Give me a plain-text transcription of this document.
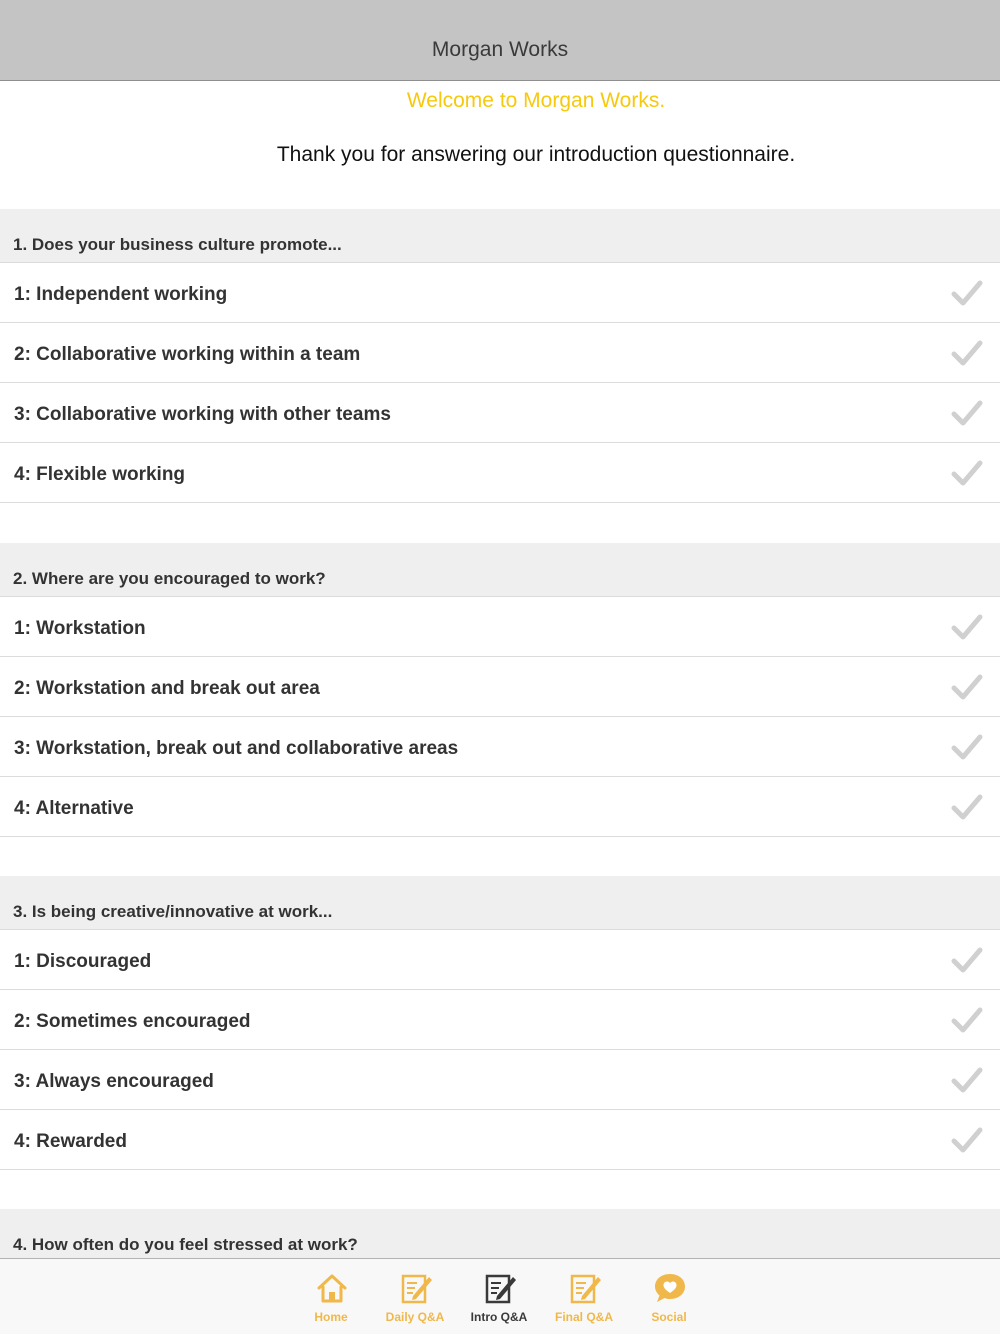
Morgan Works
Welcome to Morgan Works.
Thank you for answering our introduction questionnaire.
1. Does your business culture promote...
1: Independent working
2: Collaborative working within a team
3: Collaborative working with other teams
4: Flexible working
2. Where are you encouraged to work?
1: Workstation
2: Workstation and break out area
3: Workstation, break out and collaborative areas
4: Alternative
3. Is being creative/innovative at work...
1: Discouraged
2: Sometimes encouraged
3: Always encouraged
4: Rewarded
4. How often do you feel stressed at work?
Home	Daily Q&A	Intro Q&A	Final Q&A	Social
